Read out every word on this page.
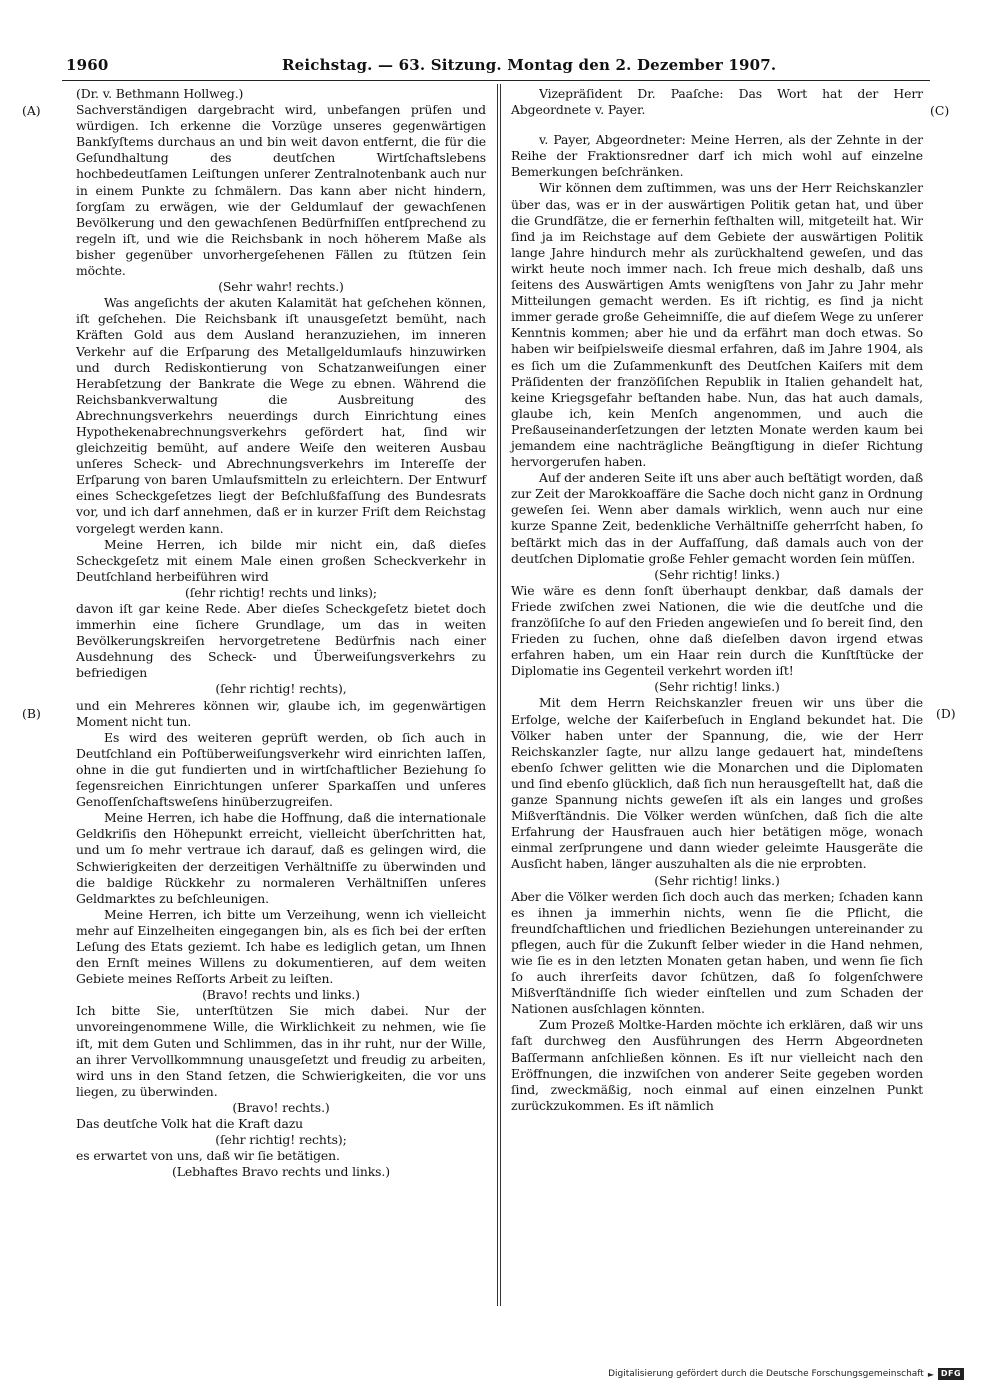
1960	Reichstag. — 63. Sitzung. Montag den 2. Dezember 1907.
(A)
(B)
(C)
(D)

(Dr. v. Bethmann Hollweg.)

Sachverständigen dargebracht wird, unbefangen prüfen und würdigen. Ich erkenne die Vorzüge unseres gegenwärtigen Bankſyſtems durchaus an und bin weit davon entfernt, die für die Geſundhaltung des deutſchen Wirtſchaftslebens hochbedeutſamen Leiſtungen unſerer Zentralnotenbank auch nur in einem Punkte zu ſchmälern. Das kann aber nicht hindern, ſorgſam zu erwägen, wie der Geldumlauf der gewachſenen Bevölkerung und den gewachſenen Bedürfniſſen entſprechend zu regeln iſt, und wie die Reichsbank in noch höherem Maße als bisher gegenüber unvorhergeſehenen Fällen zu ſtützen ſein möchte.

(Sehr wahr! rechts.)

Was angeſichts der akuten Kalamität hat geſchehen können, iſt geſchehen. Die Reichsbank iſt unausgeſetzt bemüht, nach Kräften Gold aus dem Ausland heranzuziehen, im inneren Verkehr auf die Erſparung des Metallgeldumlaufs hinzuwirken und durch Rediskontierung von Schatzanweiſungen einer Herabſetzung der Bankrate die Wege zu ebnen. Während die Reichsbankverwaltung die Ausbreitung des Abrechnungsverkehrs neuerdings durch Einrichtung eines Hypothekenabrechnungsverkehrs gefördert hat, ſind wir gleichzeitig bemüht, auf andere Weiſe den weiteren Ausbau unſeres Scheck- und Abrechnungsverkehrs im Intereſſe der Erſparung von baren Umlaufsmitteln zu erleichtern. Der Entwurf eines Scheckgeſetzes liegt der Beſchlußfaſſung des Bundesrats vor, und ich darf annehmen, daß er in kurzer Friſt dem Reichstag vorgelegt werden kann.

Meine Herren, ich bilde mir nicht ein, daß dieſes Scheckgeſetz mit einem Male einen großen Scheckverkehr in Deutſchland herbeiführen wird

(ſehr richtig! rechts und links);

davon iſt gar keine Rede. Aber dieſes Scheckgeſetz bietet doch immerhin eine ſichere Grundlage, um das in weiten Bevölkerungskreiſen hervorgetretene Bedürfnis nach einer Ausdehnung des Scheck- und Überweiſungsverkehrs zu befriedigen

(ſehr richtig! rechts),

und ein Mehreres können wir, glaube ich, im gegenwärtigen Moment nicht tun.

Es wird des weiteren geprüft werden, ob ſich auch in Deutſchland ein Poſtüberweiſungsverkehr wird einrichten laſſen, ohne in die gut fundierten und in wirtſchaftlicher Beziehung ſo ſegensreichen Einrichtungen unſerer Sparkaſſen und unſeres Genoſſenſchaftsweſens hinüberzugreifen.

Meine Herren, ich habe die Hoffnung, daß die internationale Geldkriſis den Höhepunkt erreicht, vielleicht überſchritten hat, und um ſo mehr vertraue ich darauf, daß es gelingen wird, die Schwierigkeiten der derzeitigen Verhältniſſe zu überwinden und die baldige Rückkehr zu normaleren Verhältniſſen unſeres Geldmarktes zu beſchleunigen.

Meine Herren, ich bitte um Verzeihung, wenn ich vielleicht mehr auf Einzelheiten eingegangen bin, als es ſich bei der erſten Leſung des Etats geziemt. Ich habe es lediglich getan, um Ihnen den Ernſt meines Willens zu dokumentieren, auf dem weiten Gebiete meines Reſſorts Arbeit zu leiſten.

(Bravo! rechts und links.)

Ich bitte Sie, unterſtützen Sie mich dabei. Nur der unvoreingenommene Wille, die Wirklichkeit zu nehmen, wie ſie iſt, mit dem Guten und Schlimmen, das in ihr ruht, nur der Wille, an ihrer Vervollkommnung unausgeſetzt und freudig zu arbeiten, wird uns in den Stand ſetzen, die Schwierigkeiten, die vor uns liegen, zu überwinden.

(Bravo! rechts.)

Das deutſche Volk hat die Kraft dazu

(ſehr richtig! rechts);

es erwartet von uns, daß wir ſie betätigen.

(Lebhaftes Bravo rechts und links.)

Vizepräſident Dr. Paaſche: Das Wort hat der Herr Abgeordnete v. Payer.

v. Payer, Abgeordneter: Meine Herren, als der Zehnte in der Reihe der Fraktionsredner darf ich mich wohl auf einzelne Bemerkungen beſchränken.

Wir können dem zuſtimmen, was uns der Herr Reichskanzler über das, was er in der auswärtigen Politik getan hat, und über die Grundſätze, die er fernerhin feſthalten will, mitgeteilt hat. Wir ſind ja im Reichstage auf dem Gebiete der auswärtigen Politik lange Jahre hindurch mehr als zurückhaltend geweſen, und das wirkt heute noch immer nach. Ich freue mich deshalb, daß uns ſeitens des Auswärtigen Amts wenigſtens von Jahr zu Jahr mehr Mitteilungen gemacht werden. Es iſt richtig, es ſind ja nicht immer gerade große Geheimniſſe, die auf dieſem Wege zu unſerer Kenntnis kommen; aber hie und da erfährt man doch etwas. So haben wir beiſpielsweiſe diesmal erfahren, daß im Jahre 1904, als es ſich um die Zuſammenkunft des Deutſchen Kaiſers mit dem Präſidenten der franzöſiſchen Republik in Italien gehandelt hat, keine Kriegsgefahr beſtanden habe. Nun, das hat auch damals, glaube ich, kein Menſch angenommen, und auch die Preßauseinanderſetzungen der letzten Monate werden kaum bei jemandem eine nachträgliche Beängſtigung in dieſer Richtung hervorgerufen haben.

Auf der anderen Seite iſt uns aber auch beſtätigt worden, daß zur Zeit der Marokkoaffäre die Sache doch nicht ganz in Ordnung geweſen ſei. Wenn aber damals wirklich, wenn auch nur eine kurze Spanne Zeit, bedenkliche Verhältniſſe geherrſcht haben, ſo beſtärkt mich das in der Auffaſſung, daß damals auch von der deutſchen Diplomatie große Fehler gemacht worden ſein müſſen.

(Sehr richtig! links.)

Wie wäre es denn ſonſt überhaupt denkbar, daß damals der Friede zwiſchen zwei Nationen, die wie die deutſche und die franzöſiſche ſo auf den Frieden angewieſen und ſo bereit ſind, den Frieden zu ſuchen, ohne daß dieſelben davon irgend etwas erfahren haben, um ein Haar rein durch die Kunſtſtücke der Diplomatie ins Gegenteil verkehrt worden iſt!

(Sehr richtig! links.)

Mit dem Herrn Reichskanzler freuen wir uns über die Erfolge, welche der Kaiſerbeſuch in England bekundet hat. Die Völker haben unter der Spannung, die, wie der Herr Reichskanzler ſagte, nur allzu lange gedauert hat, mindeſtens ebenſo ſchwer gelitten wie die Monarchen und die Diplomaten und ſind ebenſo glücklich, daß ſich nun herausgeſtellt hat, daß die ganze Spannung nichts geweſen iſt als ein langes und großes Mißverſtändnis. Die Völker werden wünſchen, daß ſich die alte Erfahrung der Hausfrauen auch hier betätigen möge, wonach einmal zerſprungene und dann wieder geleimte Hausgeräte die Ausſicht haben, länger auszuhalten als die nie erprobten.

(Sehr richtig! links.)

Aber die Völker werden ſich doch auch das merken; ſchaden kann es ihnen ja immerhin nichts, wenn ſie die Pflicht, die freundſchaftlichen und friedlichen Beziehungen untereinander zu pflegen, auch für die Zukunft ſelber wieder in die Hand nehmen, wie ſie es in den letzten Monaten getan haben, und wenn ſie ſich ſo auch ihrerſeits davor ſchützen, daß ſo folgenſchwere Mißverſtändniſſe ſich wieder einſtellen und zum Schaden der Nationen ausſchlagen könnten.

Zum Prozeß Moltke-Harden möchte ich erklären, daß wir uns faſt durchweg den Ausführungen des Herrn Abgeordneten Baſſermann anſchließen können. Es iſt nur vielleicht nach den Eröffnungen, die inzwiſchen von anderer Seite gegeben worden ſind, zweckmäßig, noch einmal auf einen einzelnen Punkt zurückzukommen. Es iſt nämlich

Digitalisierung gefördert durch die Deutsche Forschungsgemeinschaft ► DFG
